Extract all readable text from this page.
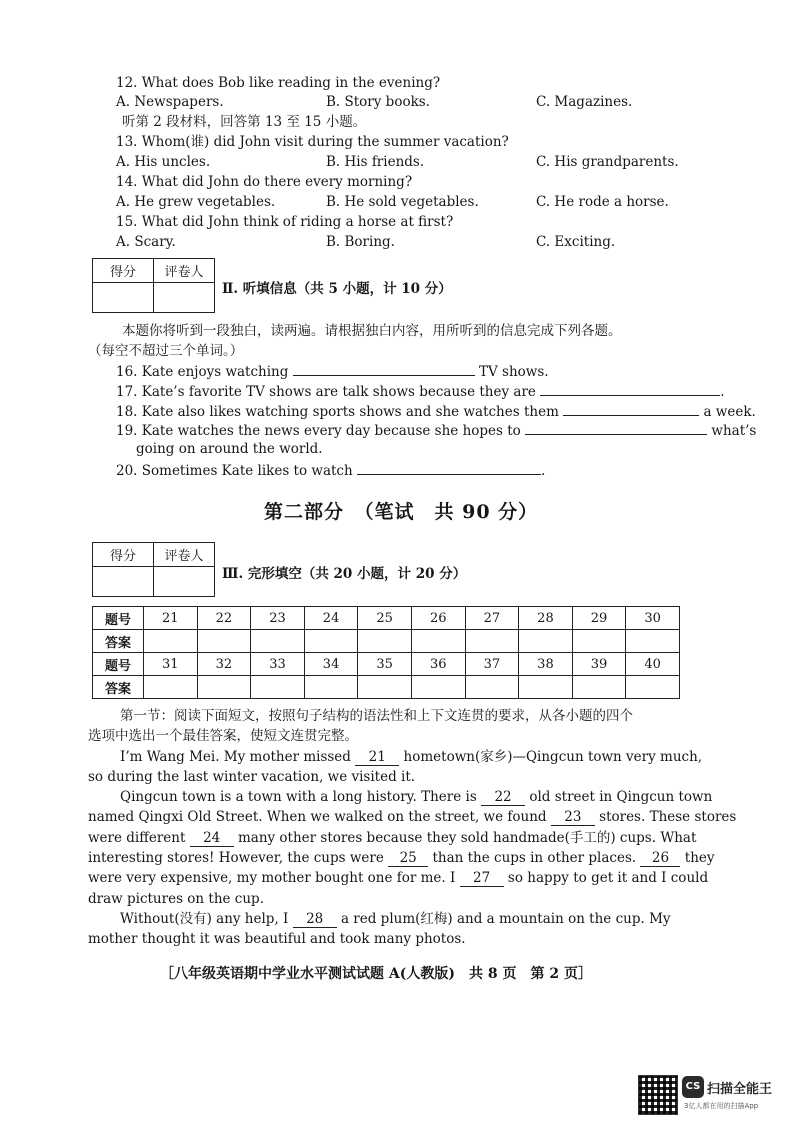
12. What does Bob like reading in the evening?
A. Newspapers.	B. Story books.	C. Magazines.
听第 2 段材料，回答第 13 至 15 小题。
13. Whom(谁) did John visit during the summer vacation?
A. His uncles.	B. His friends.	C. His grandparents.
14. What did John do there every morning?
A. He grew vegetables.	B. He sold vegetables.	C. He rode a horse.
15. What did John think of riding a horse at first?
A. Scary.	B. Boring.	C. Exciting.
得分	评卷人

Ⅱ. 听填信息（共 5 小题，计 10 分）
本题你将听到一段独白，读两遍。请根据独白内容，用所听到的信息完成下列各题。
（每空不超过三个单词。）
16. Kate enjoys watching	TV shows.
17. Kate’s favorite TV shows are talk shows because they are	.
18. Kate also likes watching sports shows and she watches them	a week.
19. Kate watches the news every day because she hopes to	what’s
going on around the world.
20. Sometimes Kate likes to watch	.
第二部分　（笔试　共 90 分）
得分	评卷人

Ⅲ. 完形填空（共 20 小题，计 20 分）
题号	21	22	23	24	25	26	27	28	29	30
答案										
题号	31	32	33	34	35	36	37	38	39	40
答案										

第一节：阅读下面短文，按照句子结构的语法性和上下文连贯的要求，从各小题的四个

选项中选出一个最佳答案，使短文连贯完整。

I’m Wang Mei. My mother missed 21 hometown(家乡)—Qingcun town very much,

so during the last winter vacation, we visited it.

Qingcun town is a town with a long history. There is 22 old street in Qingcun town

named Qingxi Old Street. When we walked on the street, we found 23 stores. These stores

were different 24 many other stores because they sold handmade(手工的) cups. What

interesting stores! However, the cups were 25 than the cups in other places. 26 they

were very expensive, my mother bought one for me. I 27 so happy to get it and I could

draw pictures on the cup.

Without(没有) any help, I 28 a red plum(红梅) and a mountain on the cup. My

mother thought it was beautiful and took many photos.

［八年级英语期中学业水平测试试题 A(人教版)　共 8 页　第 2 页］
CS 扫描全能王
3亿人都在用的扫描App
